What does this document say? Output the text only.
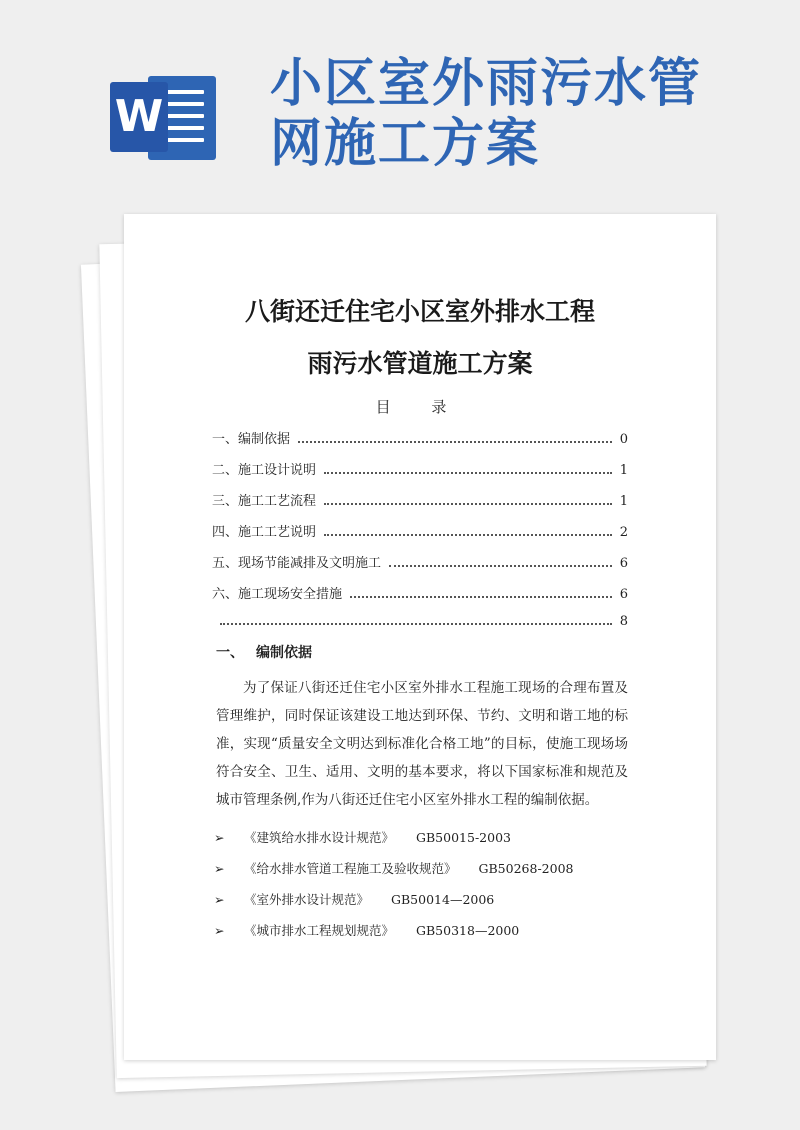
W
小区室外雨污水管网施工方案
八街还迁住宅小区室外排水工程
雨污水管道施工方案
目 录
一、编制依据	0
二、施工设计说明	1
三、施工工艺流程	1
四、施工工艺说明	2
五、现场节能减排及文明施工	6
六、施工现场安全措施	6
8
一、 编制依据
为了保证八街还迁住宅小区室外排水工程施工现场的合理布置及管理维护，同时保证该建设工地达到环保、节约、文明和谐工地的标准，实现“质量安全文明达到标准化合格工地”的目标，使施工现场场符合安全、卫生、适用、文明的基本要求，将以下国家标准和规范及城市管理条例,作为八街还迁住宅小区室外排水工程的编制依据。
➢ 《建筑给水排水设计规范》 GB50015-2003
➢ 《给水排水管道工程施工及验收规范》 GB50268-2008
➢ 《室外排水设计规范》 GB50014—2006
➢ 《城市排水工程规划规范》 GB50318—2000
